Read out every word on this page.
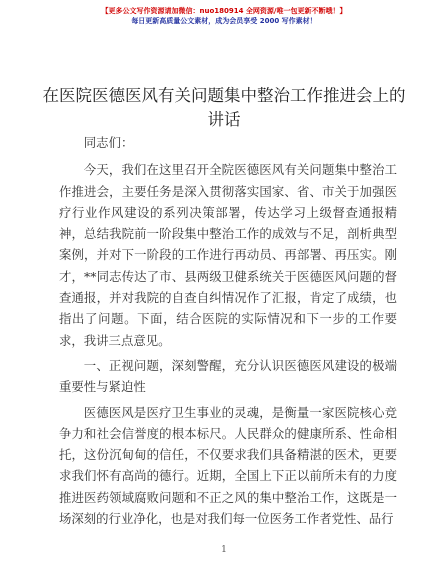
【更多公文写作资源请加微信：nuo180914 全网资源/唯一包更新不断哦！】
每日更新高质量公文素材，成为会员享受 2000 写作素材！
在医院医德医风有关问题集中整治工作推进会上的讲话

同志们：

今天，我们在这里召开全院医德医风有关问题集中整治工作推进会，主要任务是深入贯彻落实国家、省、市关于加强医疗行业作风建设的系列决策部署，传达学习上级督查通报精神，总结我院前一阶段集中整治工作的成效与不足，剖析典型案例，并对下一阶段的工作进行再动员、再部署、再压实。刚才，**同志传达了市、县两级卫健系统关于医德医风问题的督查通报，并对我院的自查自纠情况作了汇报，肯定了成绩，也指出了问题。下面，结合医院的实际情况和下一步的工作要求，我讲三点意见。

一、正视问题，深刻警醒，充分认识医德医风建设的极端重要性与紧迫性

医德医风是医疗卫生事业的灵魂，是衡量一家医院核心竞争力和社会信誉度的根本标尺。人民群众的健康所系、性命相托，这份沉甸甸的信任，不仅要求我们具备精湛的医术，更要求我们怀有高尚的德行。近期，全国上下正以前所未有的力度推进医药领域腐败问题和不正之风的集中整治工作，这既是一场深刻的行业净化，也是对我们每一位医务工作者党性、品行

1
